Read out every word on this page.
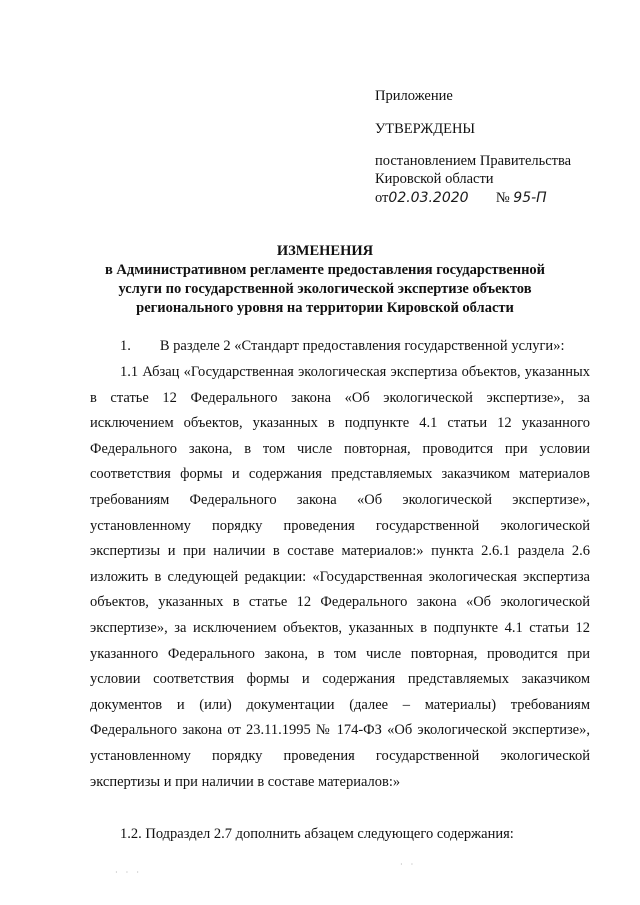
Приложение
УТВЕРЖДЕНЫ
постановлением Правительства
Кировской области
от02.03.2020 № 95-П
ИЗМЕНЕНИЯ
в Административном регламенте предоставления государственной услуги по государственной экологической экспертизе объектов регионального уровня на территории Кировской области
1.  В разделе 2 «Стандарт предоставления государственной услуги»:
1.1 Абзац «Государственная экологическая экспертиза объектов, указанных в статье 12 Федерального закона «Об экологической экспертизе», за исключением объектов, указанных в подпункте 4.1 статьи 12 указанного Федерального закона, в том числе повторная, проводится при условии соответствия формы и содержания представляемых заказчиком материалов требованиям Федерального закона «Об экологической экспертизе», установленному порядку проведения государственной экологической экспертизы и при наличии в составе материалов:» пункта 2.6.1 раздела 2.6 изложить в следующей редакции: «Государственная экологическая экспертиза объектов, указанных в статье 12 Федерального закона «Об экологической экспертизе», за исключением объектов, указанных в подпункте 4.1 статьи 12 указанного Федерального закона, в том числе повторная, проводится при условии соответствия формы и содержания представляемых заказчиком документов и (или) документации (далее – материалы) требованиям Федерального закона от 23.11.1995 № 174-ФЗ «Об экологической экспертизе», установленному порядку проведения государственной экологической экспертизы и при наличии в составе материалов:»
1.2. Подраздел 2.7 дополнить абзацем следующего содержания:
· · ·
· ·
